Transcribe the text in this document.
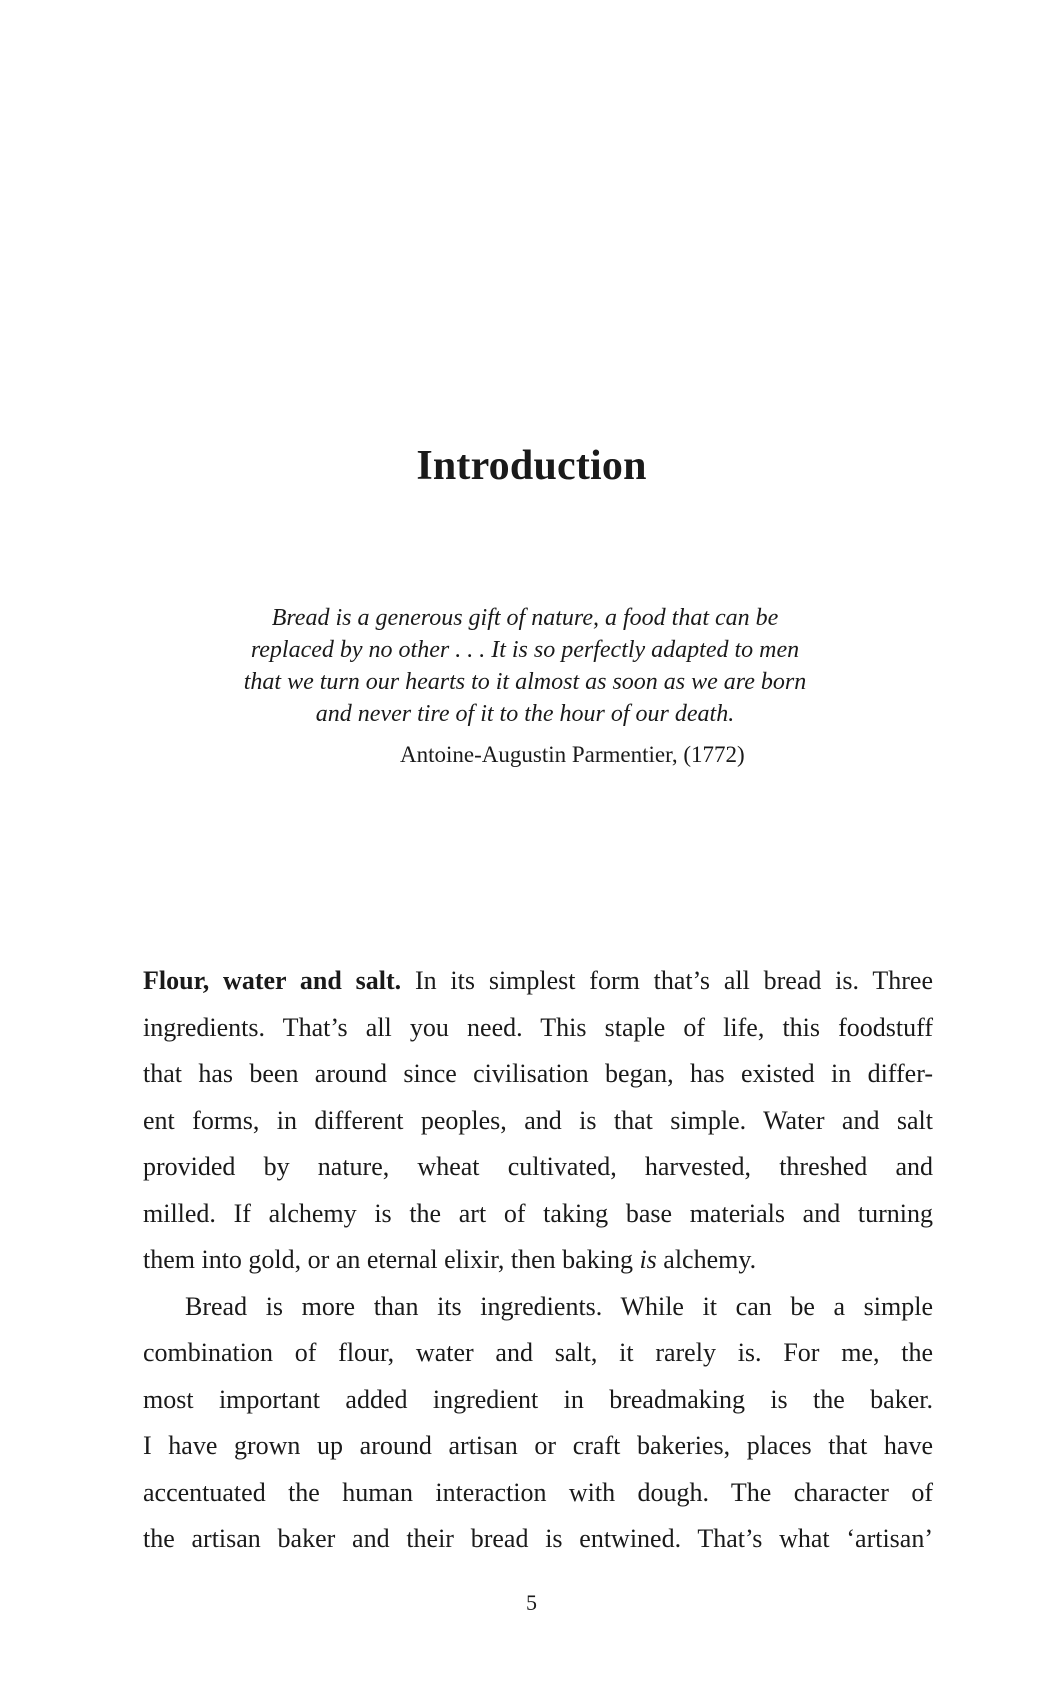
Introduction
Bread is a generous gift of nature, a food that can be
replaced by no other . . . It is so perfectly adapted to men
that we turn our hearts to it almost as soon as we are born
and never tire of it to the hour of our death.
Antoine-Augustin Parmentier, (1772)
Flour, water and salt. In its simplest form that’s all bread is. Three
ingredients. That’s all you need. This staple of life, this foodstuff
that has been around since civilisation began, has existed in differ-
ent forms, in different peoples, and is that simple. Water and salt
provided by nature, wheat cultivated, harvested, threshed and
milled. If alchemy is the art of taking base materials and turning
them into gold, or an eternal elixir, then baking is alchemy.
Bread is more than its ingredients. While it can be a simple
combination of flour, water and salt, it rarely is. For me, the
most important added ingredient in breadmaking is the baker.
I have grown up around artisan or craft bakeries, places that have
accentuated the human interaction with dough. The character of
the artisan baker and their bread is entwined. That’s what ‘artisan’
5
